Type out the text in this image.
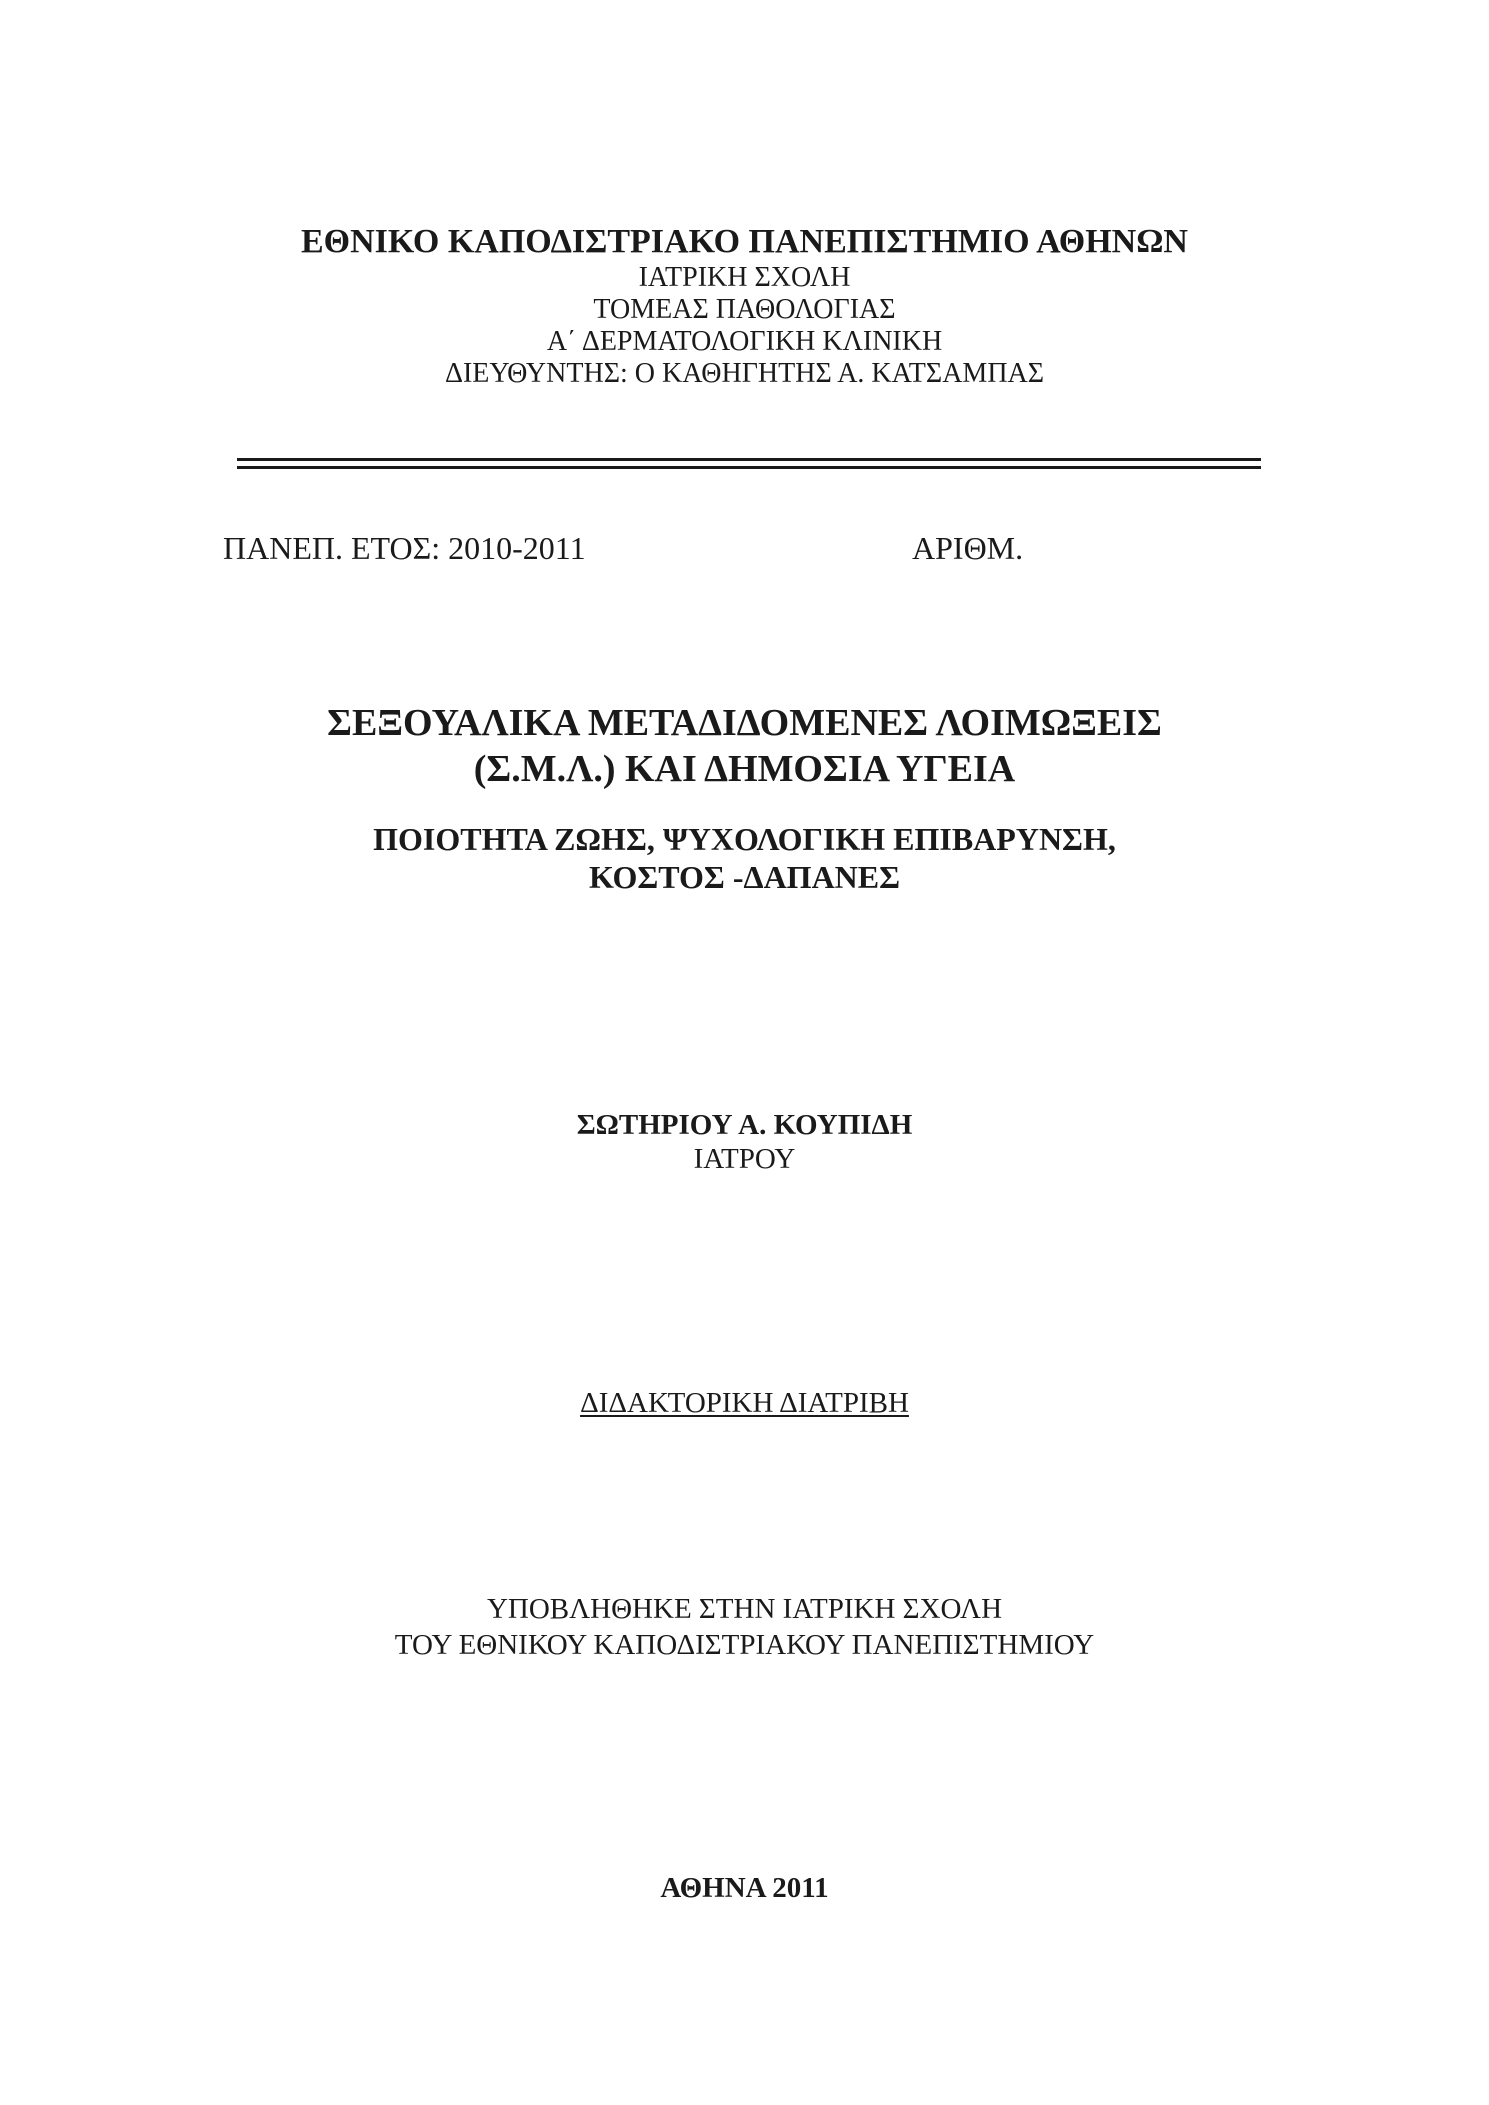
ΕΘΝΙΚΟ ΚΑΠΟΔΙΣΤΡΙΑΚΟ ΠΑΝΕΠΙΣΤΗΜΙΟ ΑΘΗΝΩΝ
ΙΑΤΡΙΚΗ ΣΧΟΛΗ
ΤΟΜΕΑΣ ΠΑΘΟΛΟΓΙΑΣ
Α΄ ΔΕΡΜΑΤΟΛΟΓΙΚΗ ΚΛΙΝΙΚΗ
ΔΙΕΥΘΥΝΤΗΣ: Ο ΚΑΘΗΓΗΤΗΣ Α. ΚΑΤΣΑΜΠΑΣ
ΠΑΝΕΠ. ΕΤΟΣ: 2010-2011	ΑΡΙΘΜ.
ΣΕΞΟΥΑΛΙΚΑ ΜΕΤΑΔΙΔΟΜΕΝΕΣ ΛΟΙΜΩΞΕΙΣ
(Σ.Μ.Λ.) ΚΑΙ ΔΗΜΟΣΙΑ ΥΓΕΙΑ
ΠΟΙΟΤΗΤΑ ΖΩΗΣ, ΨΥΧΟΛΟΓΙΚΗ ΕΠΙΒΑΡΥΝΣΗ,
ΚΟΣΤΟΣ -ΔΑΠΑΝΕΣ
ΣΩΤΗΡΙΟΥ Α. ΚΟΥΠΙΔΗ
ΙΑΤΡΟΥ
ΔΙΔΑΚΤΟΡΙΚΗ ΔΙΑΤΡΙΒΗ
ΥΠΟΒΛΗΘΗΚΕ ΣΤΗΝ ΙΑΤΡΙΚΗ ΣΧΟΛΗ
ΤΟΥ ΕΘΝΙΚΟΥ ΚΑΠΟΔΙΣΤΡΙΑΚΟΥ ΠΑΝΕΠΙΣΤΗΜΙΟΥ
ΑΘΗΝΑ 2011
